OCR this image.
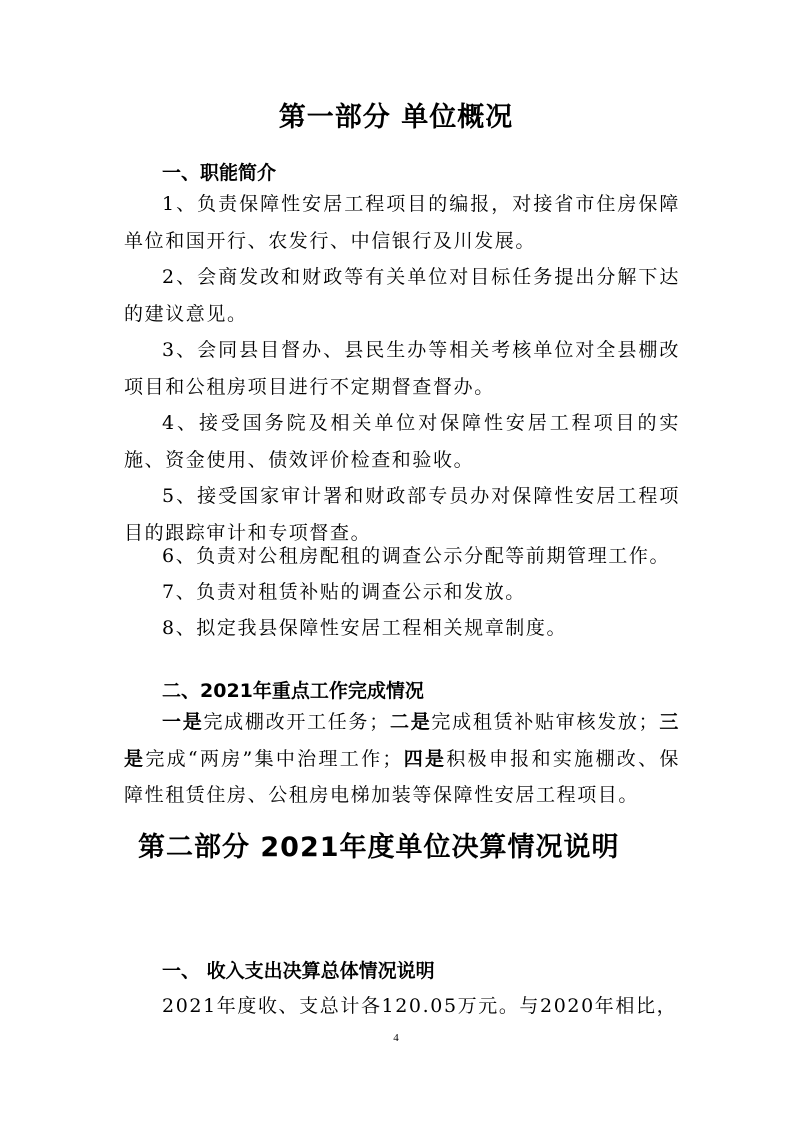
第一部分 单位概况
一、职能简介

1、负责保障性安居工程项目的编报，对接省市住房保障单位和国开行、农发行、中信银行及川发展。

2、会商发改和财政等有关单位对目标任务提出分解下达的建议意见。

3、会同县目督办、县民生办等相关考核单位对全县棚改项目和公租房项目进行不定期督查督办。

4、接受国务院及相关单位对保障性安居工程项目的实施、资金使用、债效评价检查和验收。

5、接受国家审计署和财政部专员办对保障性安居工程项目的跟踪审计和专项督查。

6、负责对公租房配租的调查公示分配等前期管理工作。
7、负责对租赁补贴的调查公示和发放。
8、拟定我县保障性安居工程相关规章制度。
二、2021年重点工作完成情况

一是完成棚改开工任务；二是完成租赁补贴审核发放；三是完成“两房”集中治理工作；四是积极申报和实施棚改、保障性租赁住房、公租房电梯加装等保障性安居工程项目。

第二部分 2021年度单位决算情况说明
一、 收入支出决算总体情况说明
2021年度收、支总计各120.05万元。与2020年相比，
4
